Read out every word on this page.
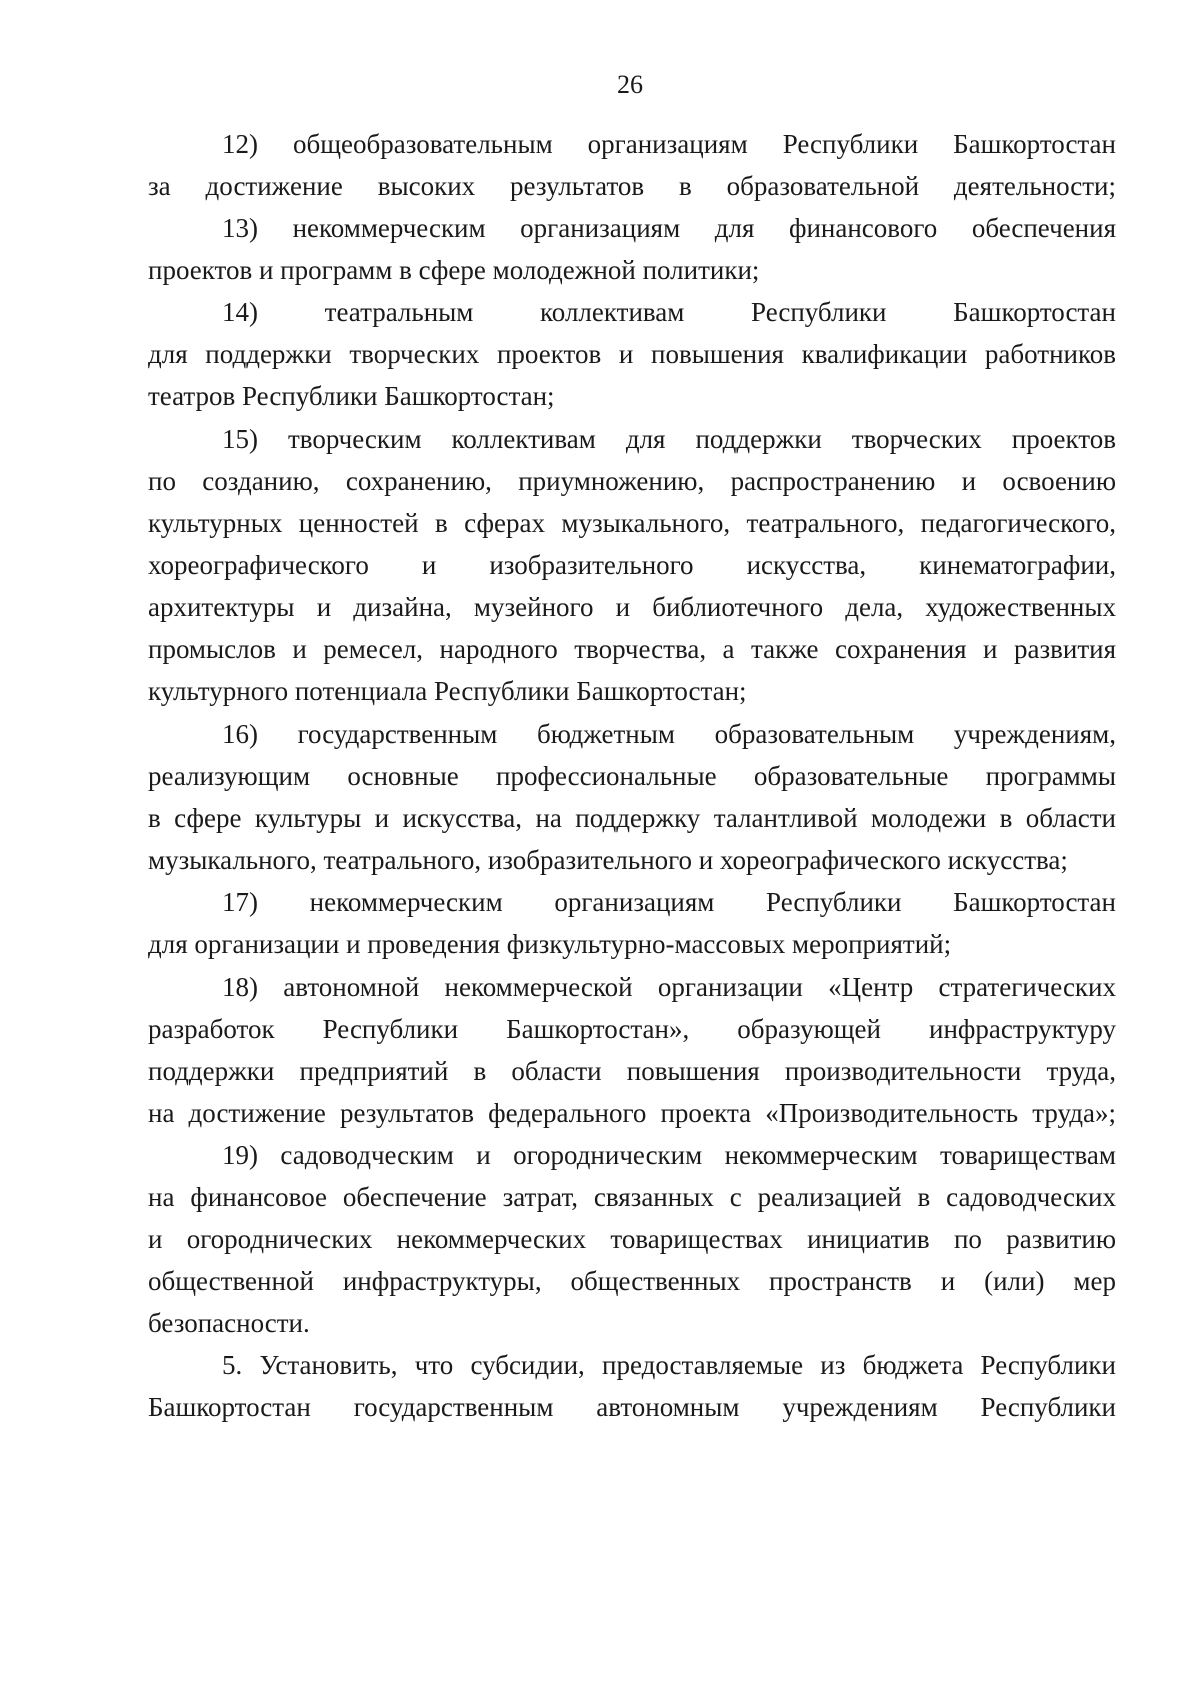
26
12) общеобразовательным организациям Республики Башкортостан
за достижение высоких результатов в образовательной деятельности;
13) некоммерческим организациям для финансового обеспечения
проектов и программ в сфере молодежной политики;
14) театральным коллективам Республики Башкортостан
для поддержки творческих проектов и повышения квалификации работников
театров Республики Башкортостан;
15) творческим коллективам для поддержки творческих проектов
по созданию, сохранению, приумножению, распространению и освоению
культурных ценностей в сферах музыкального, театрального, педагогического,
хореографического и изобразительного искусства, кинематографии,
архитектуры и дизайна, музейного и библиотечного дела, художественных
промыслов и ремесел, народного творчества, а также сохранения и развития
культурного потенциала Республики Башкортостан;
16) государственным бюджетным образовательным учреждениям,
реализующим основные профессиональные образовательные программы
в сфере культуры и искусства, на поддержку талантливой молодежи в области
музыкального, театрального, изобразительного и хореографического искусства;
17) некоммерческим организациям Республики Башкортостан
для организации и проведения физкультурно-массовых мероприятий;
18) автономной некоммерческой организации «Центр стратегических
разработок Республики Башкортостан», образующей инфраструктуру
поддержки предприятий в области повышения производительности труда,
на достижение результатов федерального проекта «Производительность труда»;
19) садоводческим и огородническим некоммерческим товариществам
на финансовое обеспечение затрат, связанных с реализацией в садоводческих
и огороднических некоммерческих товариществах инициатив по развитию
общественной инфраструктуры, общественных пространств и (или) мер
безопасности.
5. Установить, что субсидии, предоставляемые из бюджета Республики
Башкортостан государственным автономным учреждениям Республики
